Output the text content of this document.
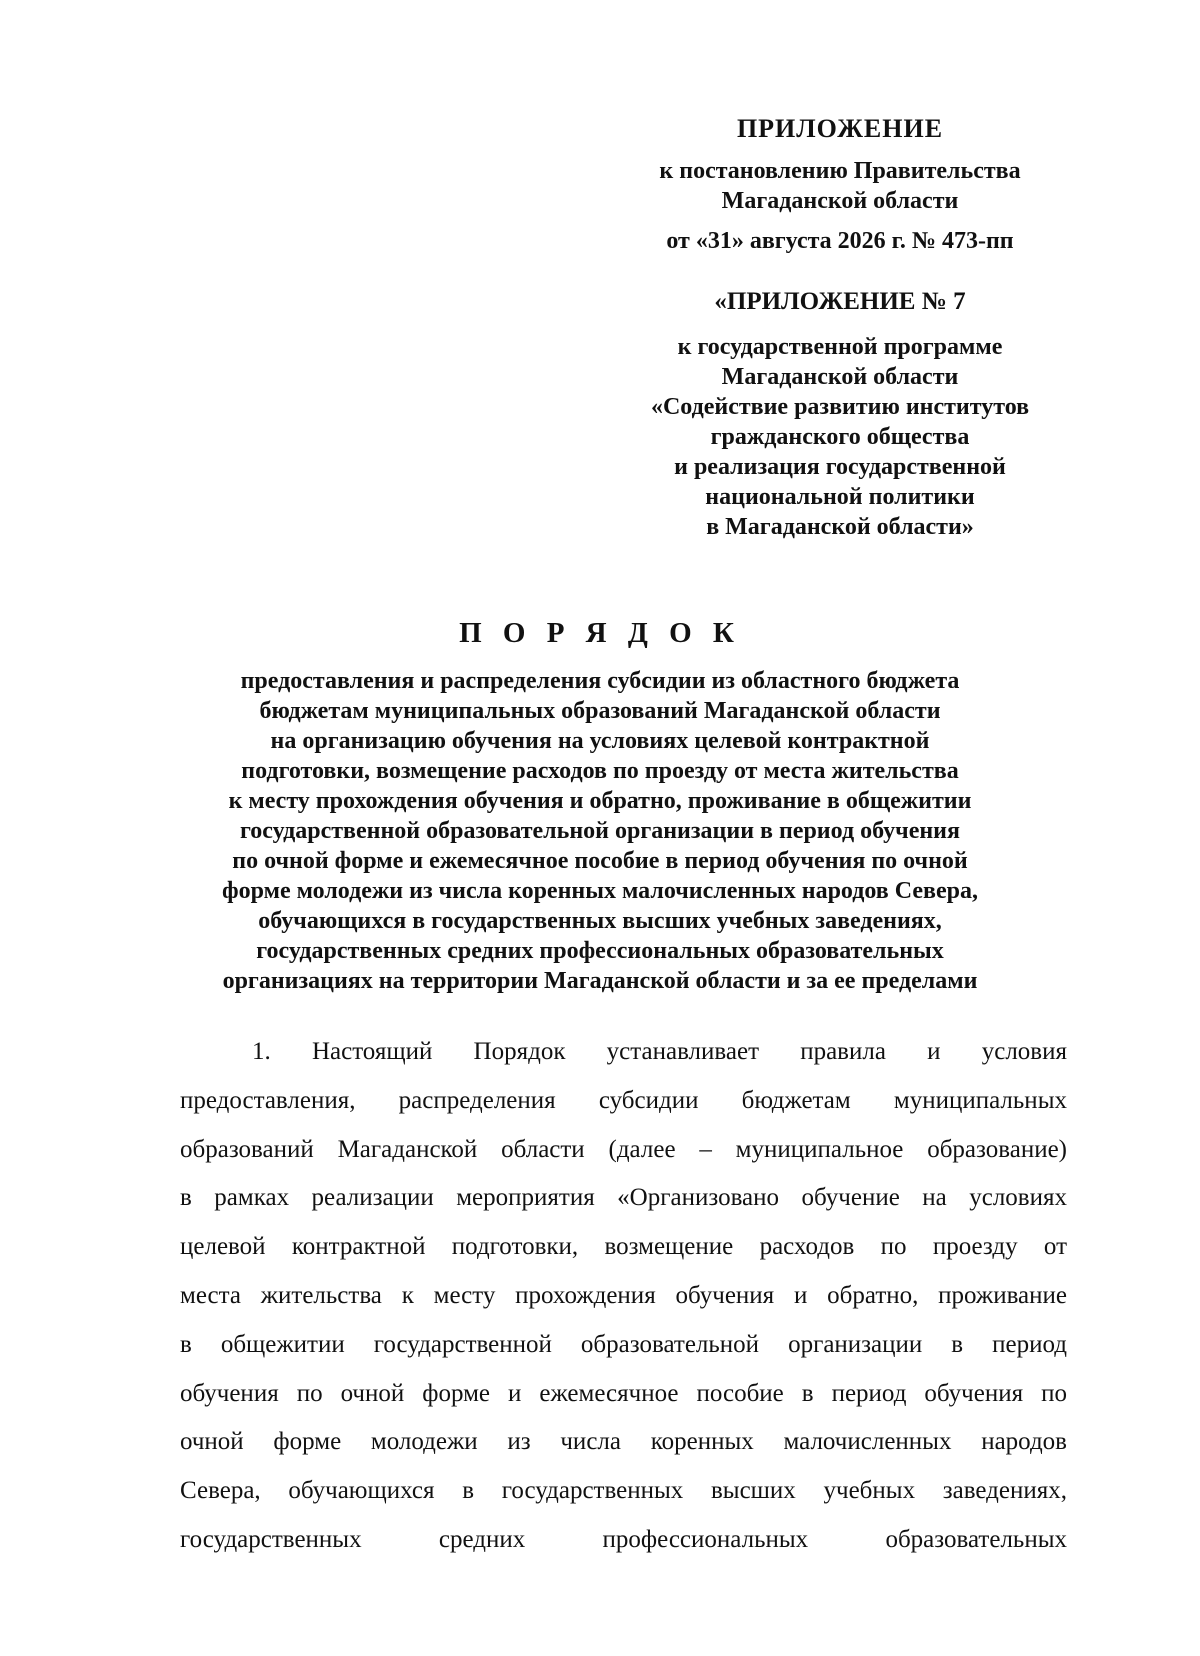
ПРИЛОЖЕНИЕ
к постановлению Правительства
Магаданской области
от «31» августа 2026 г. № 473-пп
«ПРИЛОЖЕНИЕ № 7
к государственной программе
Магаданской области
«Содействие развитию институтов
гражданского общества
и реализация государственной
национальной политики
в Магаданской области»
П О Р Я Д О К
предоставления и распределения субсидии из областного бюджета
бюджетам муниципальных образований Магаданской области
на организацию обучения на условиях целевой контрактной
подготовки, возмещение расходов по проезду от места жительства
к месту прохождения обучения и обратно, проживание в общежитии
государственной образовательной организации в период обучения
по очной форме и ежемесячное пособие в период обучения по очной
форме молодежи из числа коренных малочисленных народов Севера,
обучающихся в государственных высших учебных заведениях,
государственных средних профессиональных образовательных
организациях на территории Магаданской области и за ее пределами
1. Настоящий Порядок устанавливает правила и условия
предоставления, распределения субсидии бюджетам муниципальных
образований Магаданской области (далее – муниципальное образование)
в рамках реализации мероприятия «Организовано обучение на условиях
целевой контрактной подготовки, возмещение расходов по проезду от
места жительства к месту прохождения обучения и обратно, проживание
в общежитии государственной образовательной организации в период
обучения по очной форме и ежемесячное пособие в период обучения по
очной форме молодежи из числа коренных малочисленных народов
Севера, обучающихся в государственных высших учебных заведениях,
государственных средних профессиональных образовательных
